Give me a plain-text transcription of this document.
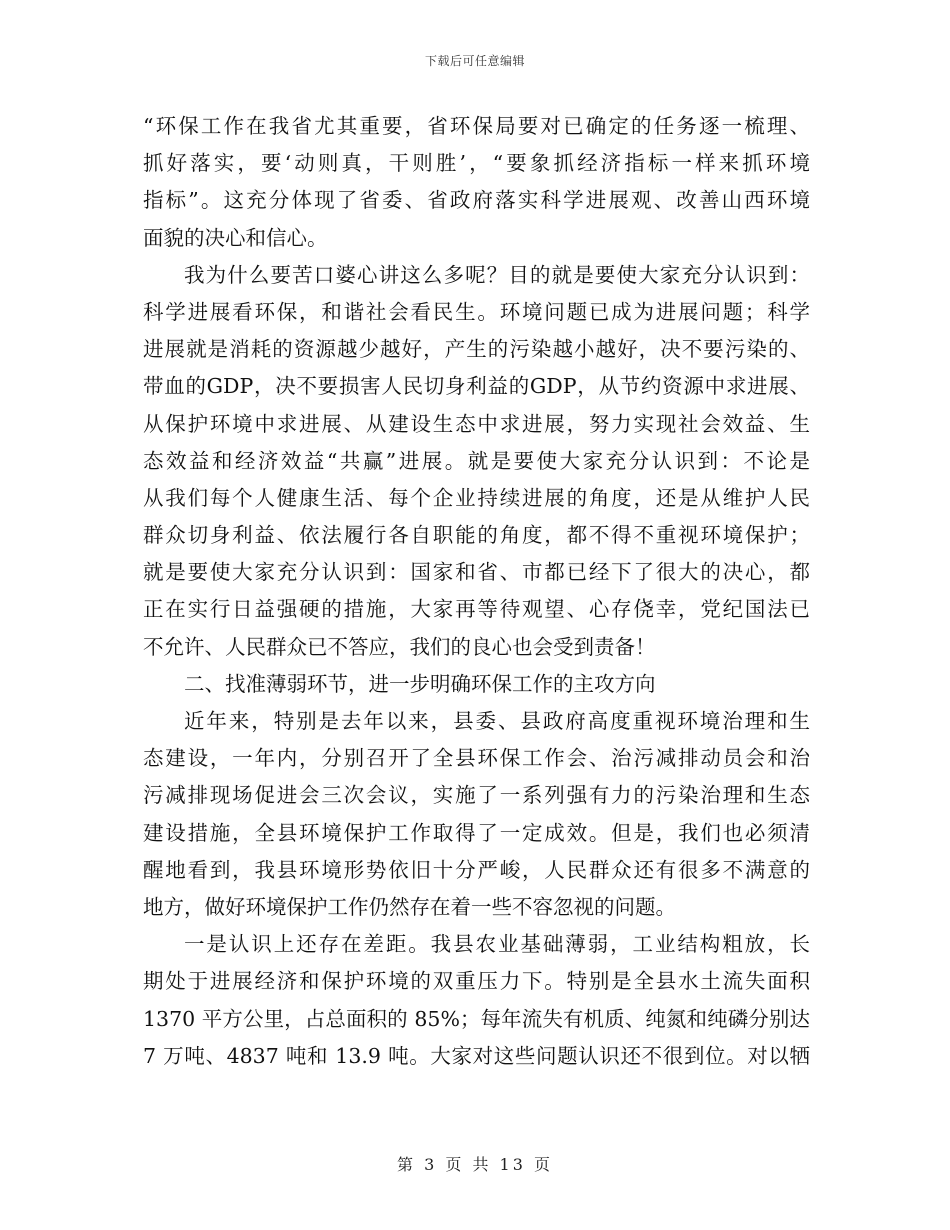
下载后可任意编辑
“环保工作在我省尤其重要，省环保局要对已确定的任务逐一梳理、
抓好落实，要‘动则真，干则胜’，“要象抓经济指标一样来抓环境
指标”。这充分体现了省委、省政府落实科学进展观、改善山西环境
面貌的决心和信心。
我为什么要苦口婆心讲这么多呢？目的就是要使大家充分认识到：
科学进展看环保，和谐社会看民生。环境问题已成为进展问题；科学
进展就是消耗的资源越少越好，产生的污染越小越好，决不要污染的、
带血的GDP，决不要损害人民切身利益的GDP，从节约资源中求进展、
从保护环境中求进展、从建设生态中求进展，努力实现社会效益、生
态效益和经济效益“共赢”进展。就是要使大家充分认识到：不论是
从我们每个人健康生活、每个企业持续进展的角度，还是从维护人民
群众切身利益、依法履行各自职能的角度，都不得不重视环境保护；
就是要使大家充分认识到：国家和省、市都已经下了很大的决心，都
正在实行日益强硬的措施，大家再等待观望、心存侥幸，党纪国法已
不允许、人民群众已不答应，我们的良心也会受到责备！
二、找准薄弱环节，进一步明确环保工作的主攻方向
近年来，特别是去年以来，县委、县政府高度重视环境治理和生
态建设，一年内，分别召开了全县环保工作会、治污减排动员会和治
污减排现场促进会三次会议，实施了一系列强有力的污染治理和生态
建设措施，全县环境保护工作取得了一定成效。但是，我们也必须清
醒地看到，我县环境形势依旧十分严峻，人民群众还有很多不满意的
地方，做好环境保护工作仍然存在着一些不容忽视的问题。
一是认识上还存在差距。我县农业基础薄弱，工业结构粗放，长
期处于进展经济和保护环境的双重压力下。特别是全县水土流失面积
1370 平方公里，占总面积的 85%；每年流失有机质、纯氮和纯磷分别达
7 万吨、4837 吨和 13.9 吨。大家对这些问题认识还不很到位。对以牺
第 3 页 共 13 页
